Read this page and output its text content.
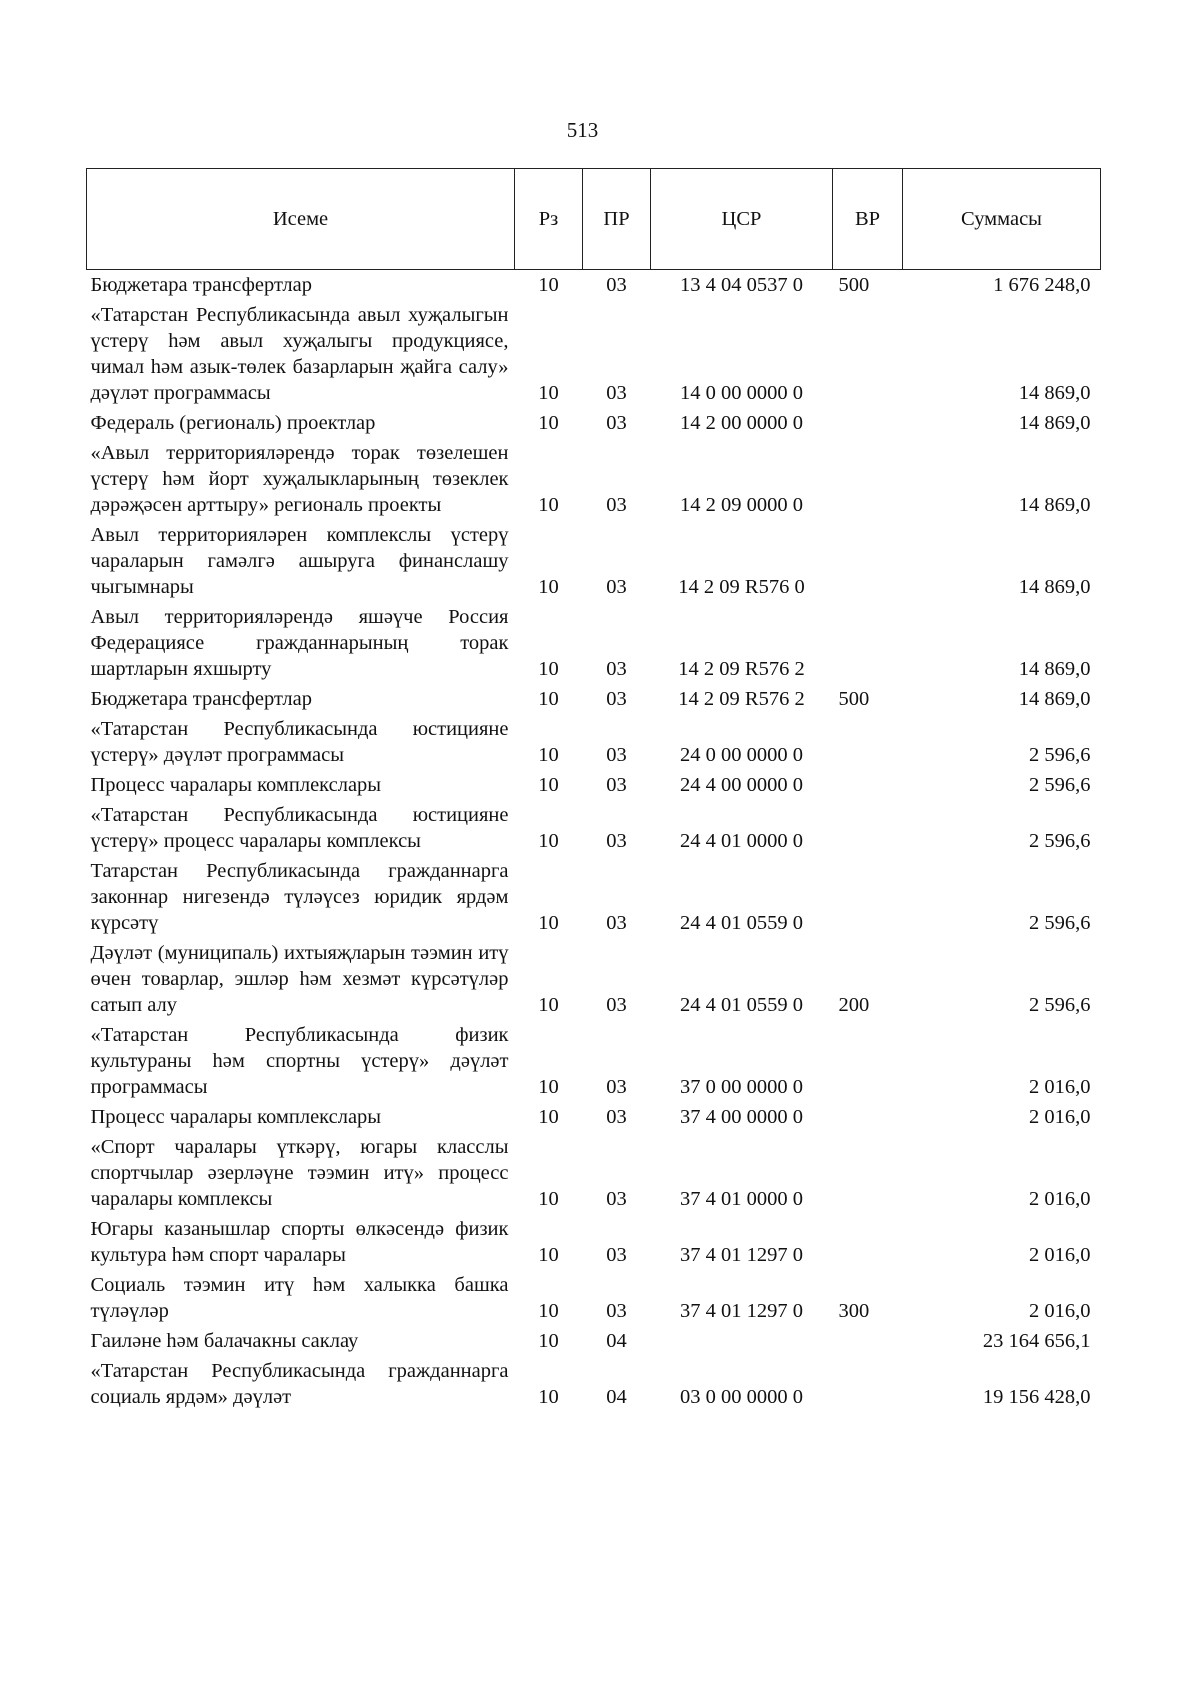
513
Исеме	Рз	ПР	ЦСР	ВР	Суммасы
Бюджетара трансфертлар	10	03	13 4 04 0537 0	500	1 676 248,0
«Татарстан Республикасында авыл хуҗалыгын үстерү һәм авыл хуҗалыгы продукциясе, чимал һәм азык-төлек базарларын җайга салу» дәүләт программасы	10	03	14 0 00 0000 0		14 869,0
Федераль (региональ) проектлар	10	03	14 2 00 0000 0		14 869,0
«Авыл территорияләрендә торак төзелешен үстерү һәм йорт хуҗалыкларының төзеклек дәрәҗәсен арттыру» региональ проекты	10	03	14 2 09 0000 0		14 869,0
Авыл территорияләрен комплекслы үстерү чараларын гамәлгә ашыруга финанслашу чыгымнары	10	03	14 2 09 R576 0		14 869,0
Авыл территорияләрендә яшәүче Россия Федерациясе гражданнарының торак шартларын яхшырту	10	03	14 2 09 R576 2		14 869,0
Бюджетара трансфертлар	10	03	14 2 09 R576 2	500	14 869,0
«Татарстан Республикасында юстицияне үстерү» дәүләт программасы	10	03	24 0 00 0000 0		2 596,6
Процесс чаралары комплекслары	10	03	24 4 00 0000 0		2 596,6
«Татарстан Республикасында юстицияне үстерү» процесс чаралары комплексы	10	03	24 4 01 0000 0		2 596,6
Татарстан Республикасында гражданнарга законнар нигезендә түләүсез юридик ярдәм күрсәтү	10	03	24 4 01 0559 0		2 596,6
Дәүләт (муниципаль) ихтыяҗларын тәэмин итү өчен товарлар, эшләр һәм хезмәт күрсәтүләр сатып алу	10	03	24 4 01 0559 0	200	2 596,6
«Татарстан Республикасында физик культураны һәм спортны үстерү» дәүләт программасы	10	03	37 0 00 0000 0		2 016,0
Процесс чаралары комплекслары	10	03	37 4 00 0000 0		2 016,0
«Спорт чаралары үткәрү, югары класслы спортчылар әзерләүне тәэмин итү» процесс чаралары комплексы	10	03	37 4 01 0000 0		2 016,0
Югары казанышлар спорты өлкәсендә физик культура һәм спорт чаралары	10	03	37 4 01 1297 0		2 016,0
Социаль тәэмин итү һәм халыкка башка түләүләр	10	03	37 4 01 1297 0	300	2 016,0
Гаиләне һәм балачакны саклау	10	04			23 164 656,1
«Татарстан Республикасында гражданнарга социаль ярдәм» дәүләт	10	04	03 0 00 0000 0		19 156 428,0
